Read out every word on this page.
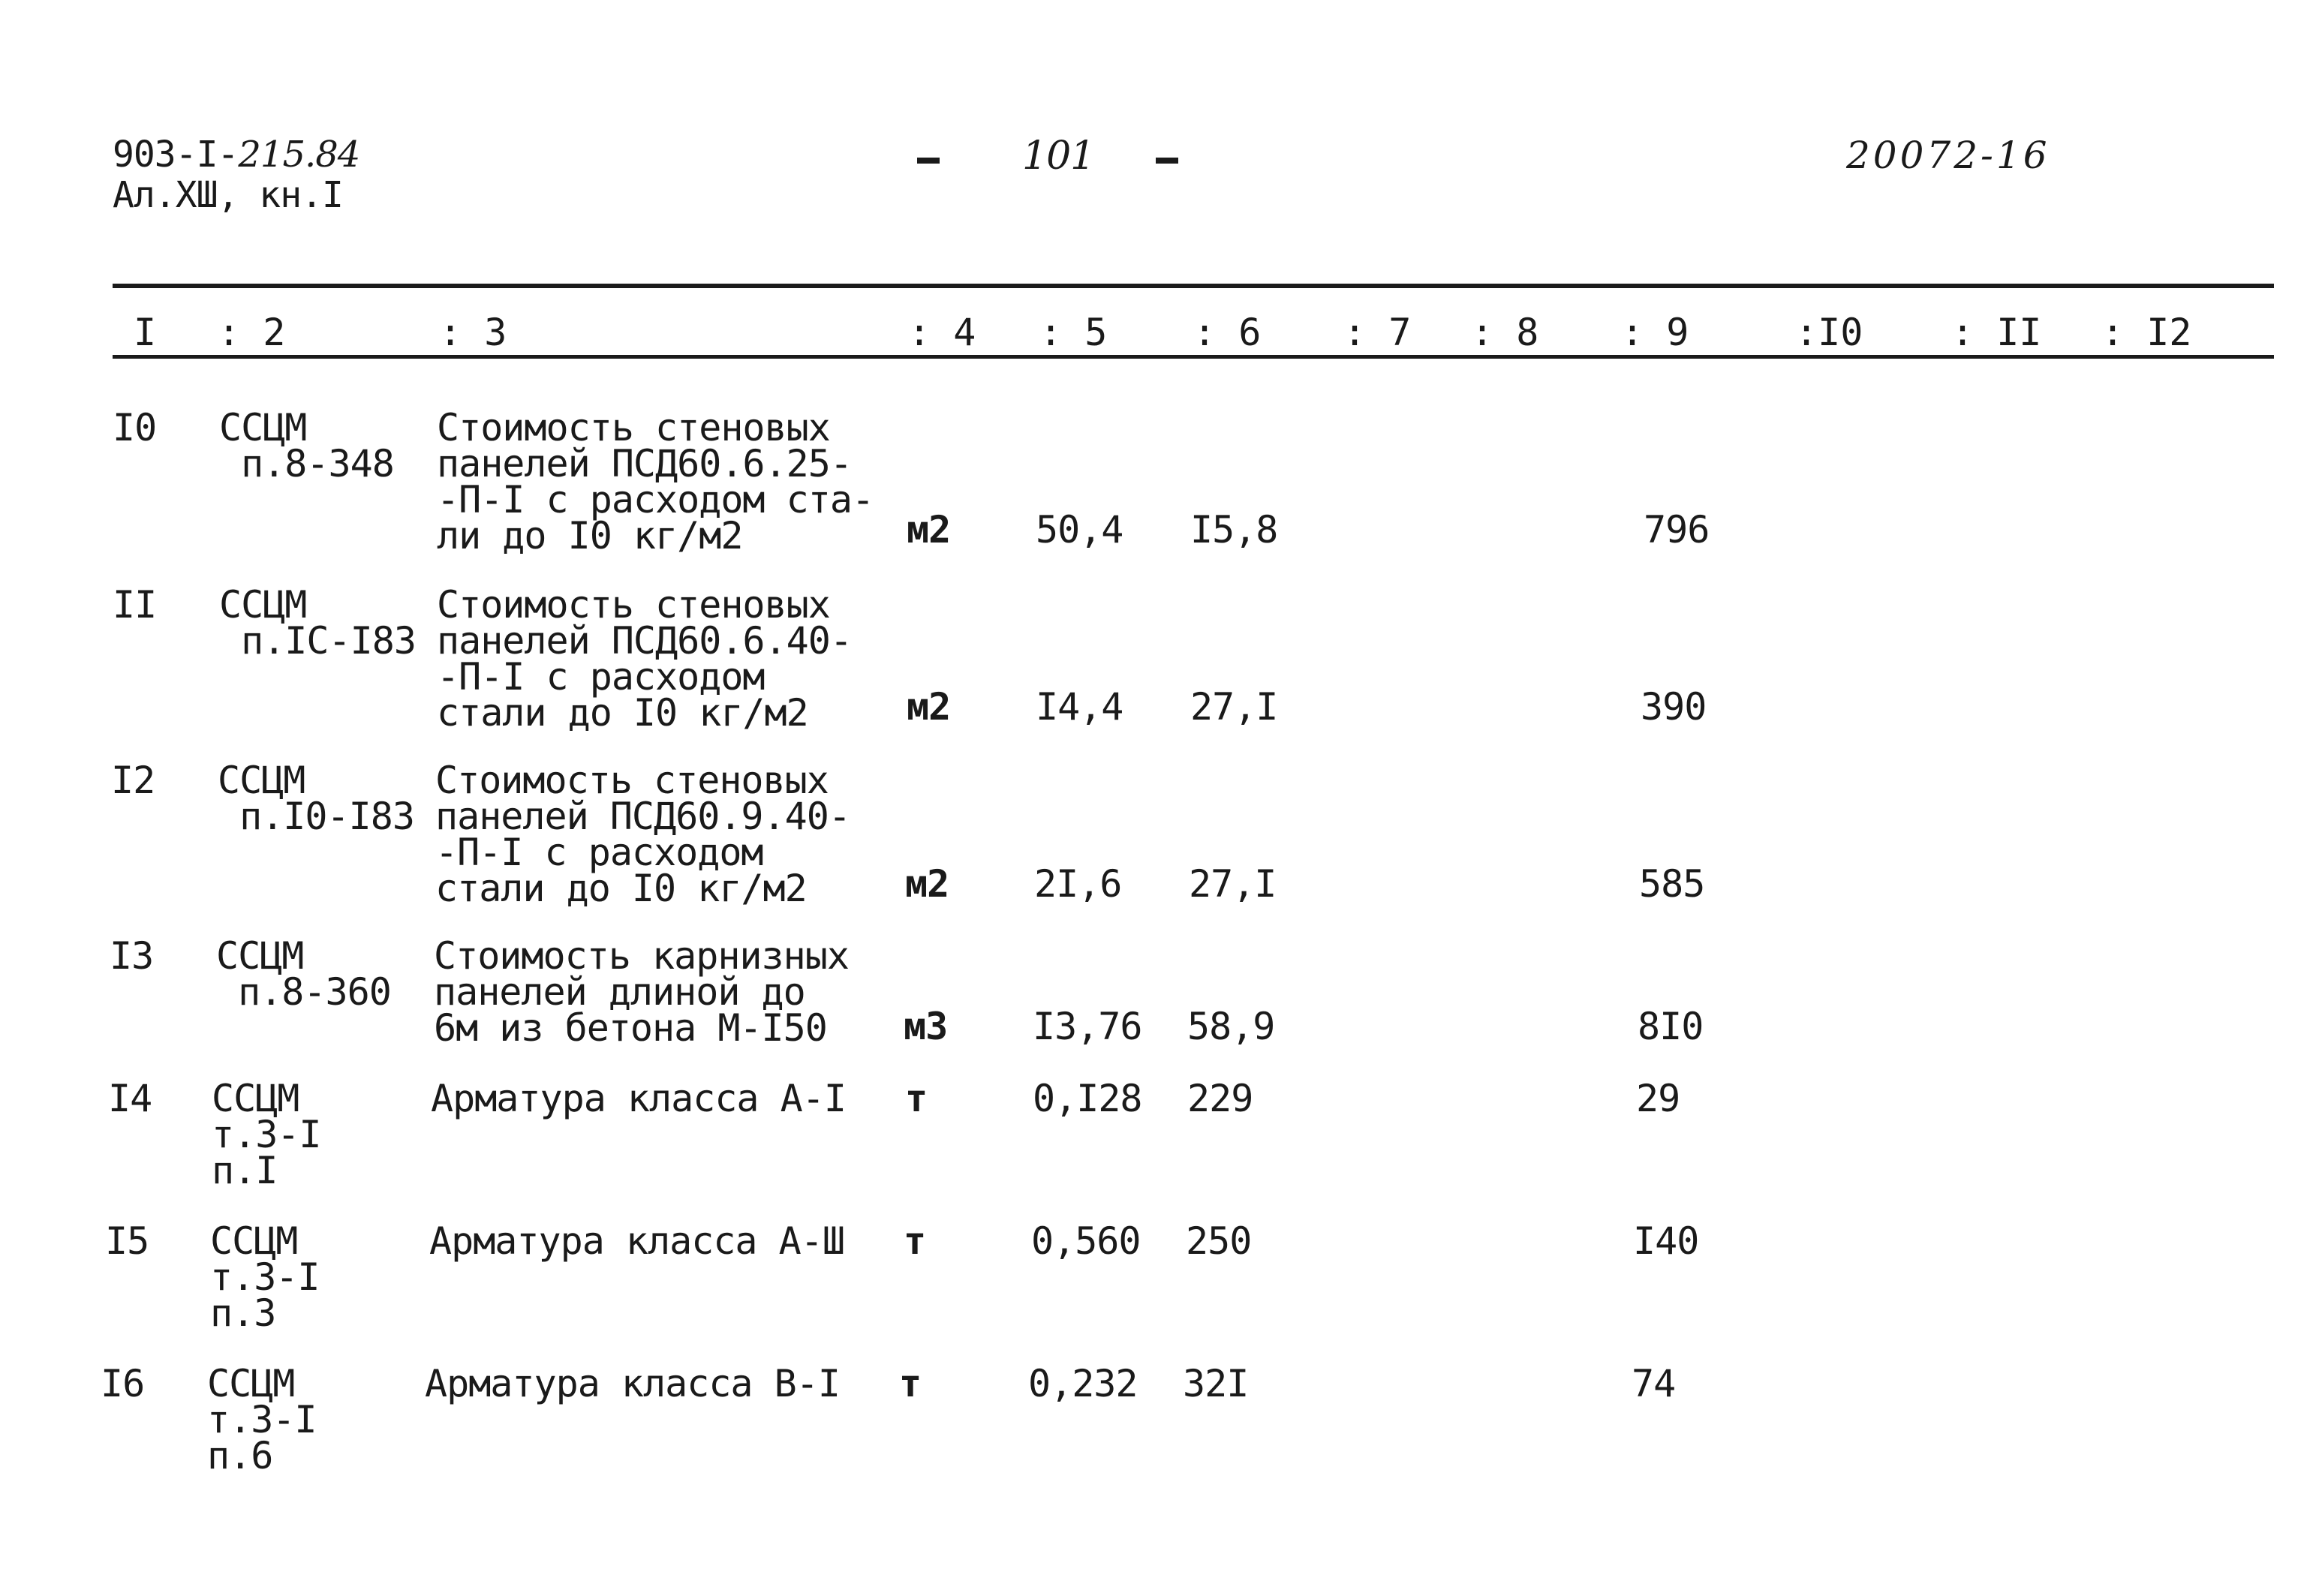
903-I-215.84
Ал.XШ, кн.I
101	20072-16
I : 2	: 3	: 4 : 5 : 6 : 7 : 8 : 9	:I0 : II : I2
I0 ССЦМ
п.8-348
Стоимость стеновых
панелей ПСД60.6.25-
-П-I с расходом ста-
ли до I0 кг/м2	м2 50,4 I5,8	796
II ССЦМ
п.IС-I83
Стоимость стеновых
панелей ПСД60.6.40-
-П-I с расходом
стали до I0 кг/м2	м2 I4,4 27,I	390
I2 ССЦМ
п.I0-I83
Стоимость стеновых
панелей ПСД60.9.40-
-П-I с расходом
стали до I0 кг/м2	м2 2I,6 27,I	585
I3 ССЦМ
п.8-360
Стоимость карнизных
панелей длиной до
6м из бетона М-I50	м3 I3,76 58,9	8I0
I4 ССЦМ
т.3-I
п.I
Арматура класса А-I т	0,I28 229	29
I5 ССЦМ
т.3-I
п.3
Арматура класса А-Ш т	0,560 250	I40
I6 ССЦМ
т.3-I
п.6
Арматура класса В-I т	0,232 32I	74
